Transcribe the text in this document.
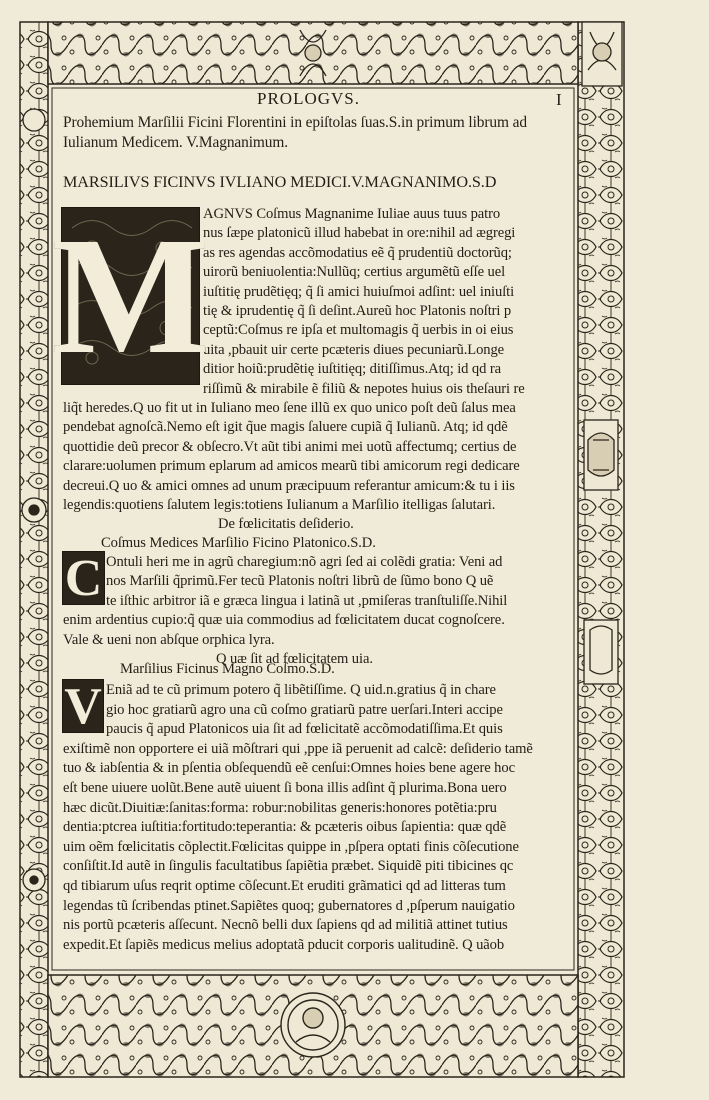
PROLOGVS.	I
Prohemium Marſilii Ficini Florentini in epiſtolas ſuas.S.in primum librum ad
Iulianum Medicem. V.Magnanimum.
MARSILIVS FICINVS IVLIANO MEDICI.V.MAGNANIMO.S.D
AGNVS Coſmus Magnanime Iuliae auus tuus patro
nus ſæpe platonicũ illud habebat in ore:nihil ad ægregi
as res agendas accõmodatius eẽ q̃ prudentiũ doctorũq;
uirorũ beniuolentia:Nullũq; certius argumẽtũ eſſe uel
iuſtitię prudẽtięq; q̃ ſi amici huiuſmoi adſint: uel iniuſti
tię & iprudentię q̃ ſi deſint.Aureũ hoc Platonis noſtri p
ceptũ:Coſmus re ipſa et multomagis q̃ uerbis in oi eius
uita ,pbauit uir certe pcæteris diues pecuniarũ.Longe
ditior hoiũ:prudẽtię iuſtitięq; ditiſſimus.Atq; id qd ra
riſſimũ & mirabile ẽ filiũ & nepotes huius ois theſauri re
liq̃t heredes.Q uo fit ut in Iuliano meo ſene illũ ex quo unico poſt deũ ſalus mea
pendebat agnoſcã.Nemo eſt igit q̃ue magis ſaluere cupiã q̃ Iulianũ. Atq; id qdẽ
quottidie deũ precor & obſecro.Vt aũt tibi animi mei uotũ affectumq; certius de
clarare:uolumen primum eplarum ad amicos mearũ tibi amicorum regi dedicare
decreui.Q uo & amici omnes ad unum præcipuum referantur amicum:& tu i iis
legendis:quotiens ſalutem legis:totiens Iulianum a Marſilio itelligas ſalutari.
De fœlicitatis deſiderio.
Coſmus Medices Marſilio Ficino Platonico.S.D.
Ontuli heri me in agrũ charegium:nõ agri ſed ai colẽdi gratia: Veni ad
nos Marſili q̃primũ.Fer tecũ Platonis noſtri librũ de ſũmo bono Q uẽ
te iſthic arbitror iã e græca lingua i latinã ut ,pmiſeras tranſtuliſſe.Nihil
enim ardentius cupio:q̃ quæ uia commodius ad fœlicitatem ducat cognoſcere.
Vale & ueni non abſque orphica lyra.
Q uæ ſit ad fœlicitatem uia.
Marſilius Ficinus Magno Coſmo.S.D.
Eniã ad te cũ primum potero q̃ libẽtiſſime. Q uid.n.gratius q̃ in chare
gio hoc gratiarũ agro una cũ coſmo gratiarũ patre uerſari.Interi accipe
paucis q̃ apud Platonicos uia ſit ad fœlicitatẽ accõmodatiſſima.Et quis
exiſtimẽ non opportere ei uiã mõſtrari qui ,ppe iã peruenit ad calcẽ: deſiderio tamẽ
tuo & iabſentia & in pſentia obſequendũ eẽ cenſui:Omnes hoies bene agere hoc
eſt bene uiuere uolũt.Bene autẽ uiuent ſi bona illis adſint q̃ plurima.Bona uero
hæc dicũt.Diuitiæ:ſanitas:forma: robur:nobilitas generis:honores potẽtia:pru
dentia:ptcrea iuſtitia:fortitudo:teperantia: & pcæteris oibus ſapientia: quæ qdẽ
uim oẽm fœlicitatis cõplectit.Fœlicitas quippe in ,pſpera optati finis cõſecutione
conſiſtit.Id autẽ in ſingulis facultatibus ſapiẽtia præbet. Siquidẽ piti tibicines qc
qd tibiarum uſus reqrit optime cõſecunt.Et eruditi grãmatici qd ad litteras tum
legendas tũ ſcribendas ptinet.Sapiẽtes quoq; gubernatores d ,pſperum nauigatio
nis portũ pcæteris aſſecunt. Necnõ belli dux ſapiens qd ad militiã attinet tutius
expedit.Et ſapiẽs medicus melius adoptatã pducit corporis ualitudinẽ. Q uãob
M
C
V
